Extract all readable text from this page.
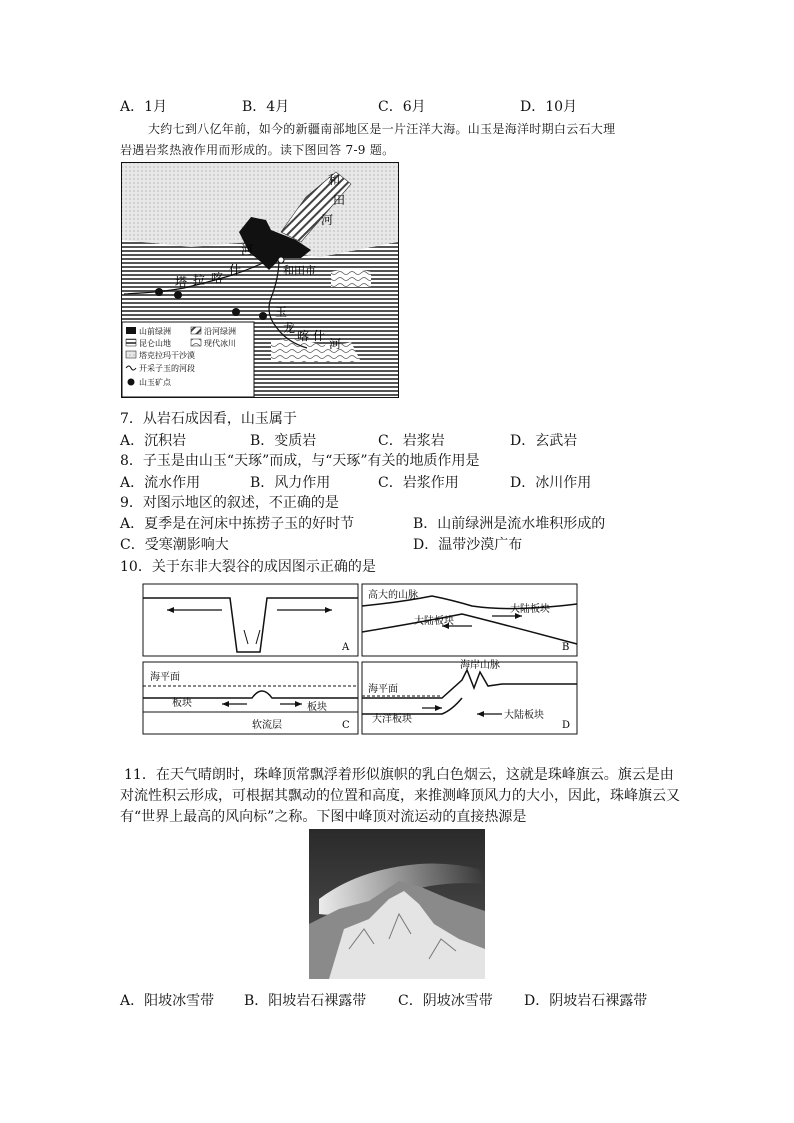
A．1月	B．4月	C．6月	D．10月
大约七到八亿年前，如今的新疆南部地区是一片汪洋大海。山玉是海洋时期白云石大理
岩遇岩浆热液作用而形成的。读下图回答 7-9 题。
和
田
河
和田市
河
什
喀
拉
塔
玉
龙
喀 什
河
山前绿洲	沿河绿洲
昆仑山地	现代冰川
塔克拉玛干沙漠
开采子玉的河段
山玉矿点
7．从岩石成因看，山玉属于
A．沉积岩	B．变质岩	C．岩浆岩	D．玄武岩
8．子玉是由山玉“天琢”而成，与“天琢”有关的地质作用是
A．流水作用	B．风力作用	C．岩浆作用	D．冰川作用
9．对图示地区的叙述，不正确的是
A．夏季是在河床中拣捞子玉的好时节	B．山前绿洲是流水堆积形成的
C．受寒潮影响大	D．温带沙漠广布
10．关于东非大裂谷的成因图示正确的是
A
高大的山脉
大陆板块
大陆板块
B
海平面
板块	板块
软流层	C
海岸山脉
海平面
大洋板块	大陆板块
D
11．在天气晴朗时，珠峰顶常飘浮着形似旗帜的乳白色烟云，这就是珠峰旗云。旗云是由
对流性积云形成，可根据其飘动的位置和高度，来推测峰顶风力的大小，因此，珠峰旗云又
有“世界上最高的风向标”之称。下图中峰顶对流运动的直接热源是
A．阳坡冰雪带 B．阳坡岩石裸露带 C．阴坡冰雪带 D．阴坡岩石裸露带
